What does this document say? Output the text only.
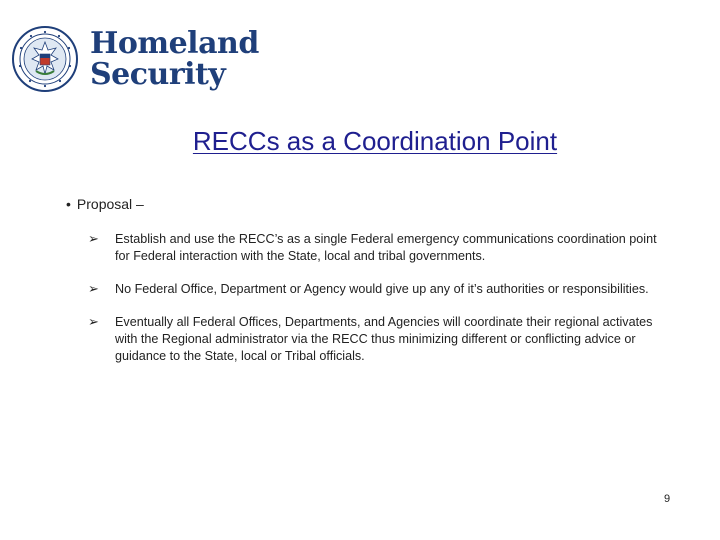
Homeland
Security
RECCs as a Coordination Point
• Proposal –
➢	Establish and use the RECC’s as a single Federal emergency communications coordination point for Federal interaction with the State, local and tribal governments.
➢	No Federal Office, Department or Agency would give up any of it’s authorities or responsibilities.
➢	Eventually all Federal Offices, Departments, and Agencies will coordinate their regional activates with the Regional administrator via the RECC thus minimizing different or conflicting advice or guidance to the State, local or Tribal officials.
9
